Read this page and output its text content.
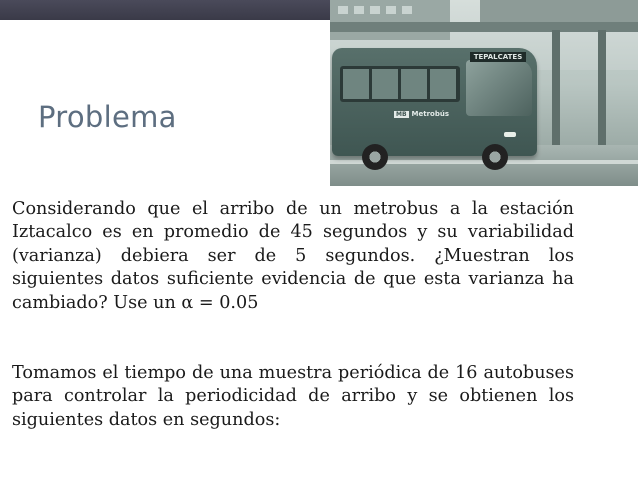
Problema
TEPALCATES
MB Metrobús

Considerando que el arribo de un metrobus a la estación Iztacalco es en promedio de 45 segundos y su variabilidad (varianza) debiera ser de 5 segundos. ¿Muestran los siguientes datos suficiente evidencia de que esta varianza ha cambiado? Use un α = 0.05

Tomamos el tiempo de una muestra periódica de 16 autobuses para controlar la periodicidad de arribo y se obtienen los siguientes datos en segundos:
